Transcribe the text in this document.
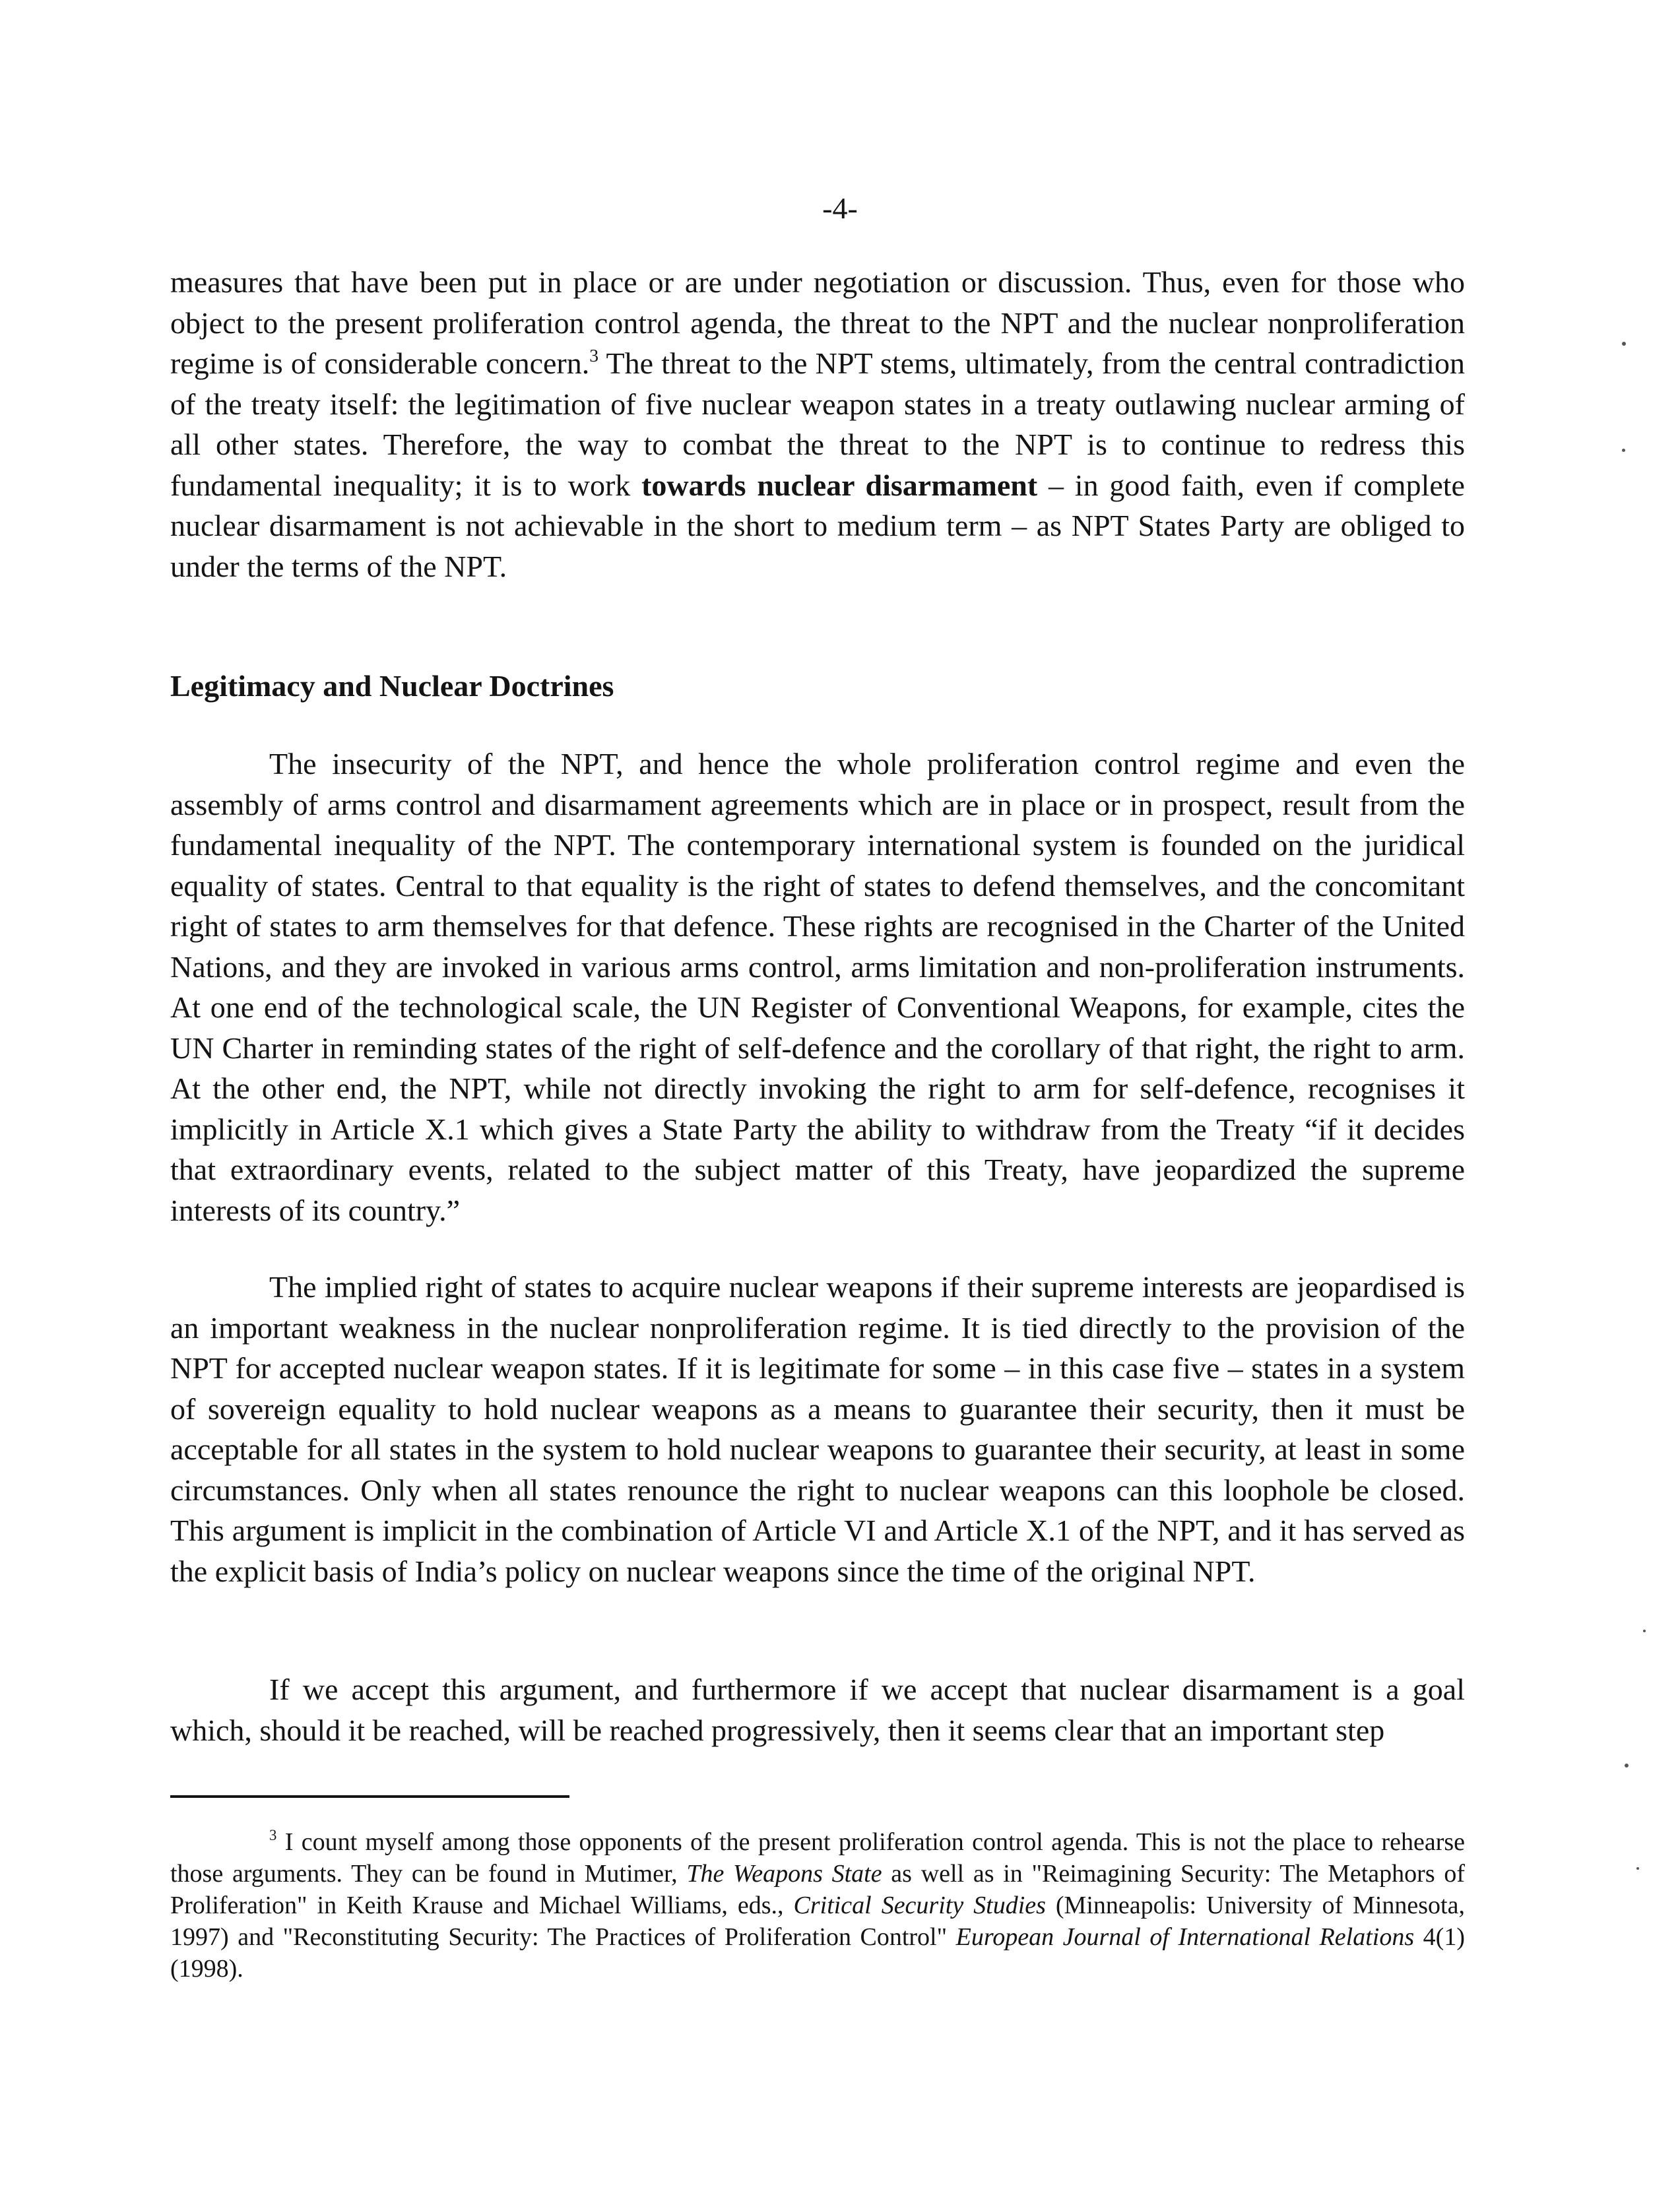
-4-

measures that have been put in place or are under negotiation or discussion. Thus, even for those who object to the present proliferation control agenda, the threat to the NPT and the nuclear nonproliferation regime is of considerable concern.$^3$ The threat to the NPT stems, ultimately, from the central contradiction of the treaty itself: the legitimation of five nuclear weapon states in a treaty outlawing nuclear arming of all other states. Therefore, the way to combat the threat to the NPT is to continue to redress this fundamental inequality; it is to work towards nuclear disarmament – in good faith, even if complete nuclear disarmament is not achievable in the short to medium term – as NPT States Party are obliged to under the terms of the NPT.

Legitimacy and Nuclear Doctrines

The insecurity of the NPT, and hence the whole proliferation control regime and even the assembly of arms control and disarmament agreements which are in place or in prospect, result from the fundamental inequality of the NPT. The contemporary international system is founded on the juridical equality of states. Central to that equality is the right of states to defend themselves, and the concomitant right of states to arm themselves for that defence. These rights are recognised in the Charter of the United Nations, and they are invoked in various arms control, arms limitation and non-proliferation instruments. At one end of the technological scale, the UN Register of Conventional Weapons, for example, cites the UN Charter in reminding states of the right of self-defence and the corollary of that right, the right to arm. At the other end, the NPT, while not directly invoking the right to arm for self-defence, recognises it implicitly in Article X.1 which gives a State Party the ability to withdraw from the Treaty “if it decides that extraordinary events, related to the subject matter of this Treaty, have jeopardized the supreme interests of its country.”

The implied right of states to acquire nuclear weapons if their supreme interests are jeopardised is an important weakness in the nuclear nonproliferation regime. It is tied directly to the provision of the NPT for accepted nuclear weapon states. If it is legitimate for some – in this case five – states in a system of sovereign equality to hold nuclear weapons as a means to guarantee their security, then it must be acceptable for all states in the system to hold nuclear weapons to guarantee their security, at least in some circumstances. Only when all states renounce the right to nuclear weapons can this loophole be closed. This argument is implicit in the combination of Article VI and Article X.1 of the NPT, and it has served as the explicit basis of India’s policy on nuclear weapons since the time of the original NPT.

If we accept this argument, and furthermore if we accept that nuclear disarmament is a goal which, should it be reached, will be reached progressively, then it seems clear that an important step

$^3$ I count myself among those opponents of the present proliferation control agenda. This is not the place to rehearse those arguments. They can be found in Mutimer, The Weapons State as well as in "Reimagining Security: The Metaphors of Proliferation" in Keith Krause and Michael Williams, eds., Critical Security Studies (Minneapolis: University of Minnesota, 1997) and "Reconstituting Security: The Practices of Proliferation Control" European Journal of International Relations 4(1) (1998).
